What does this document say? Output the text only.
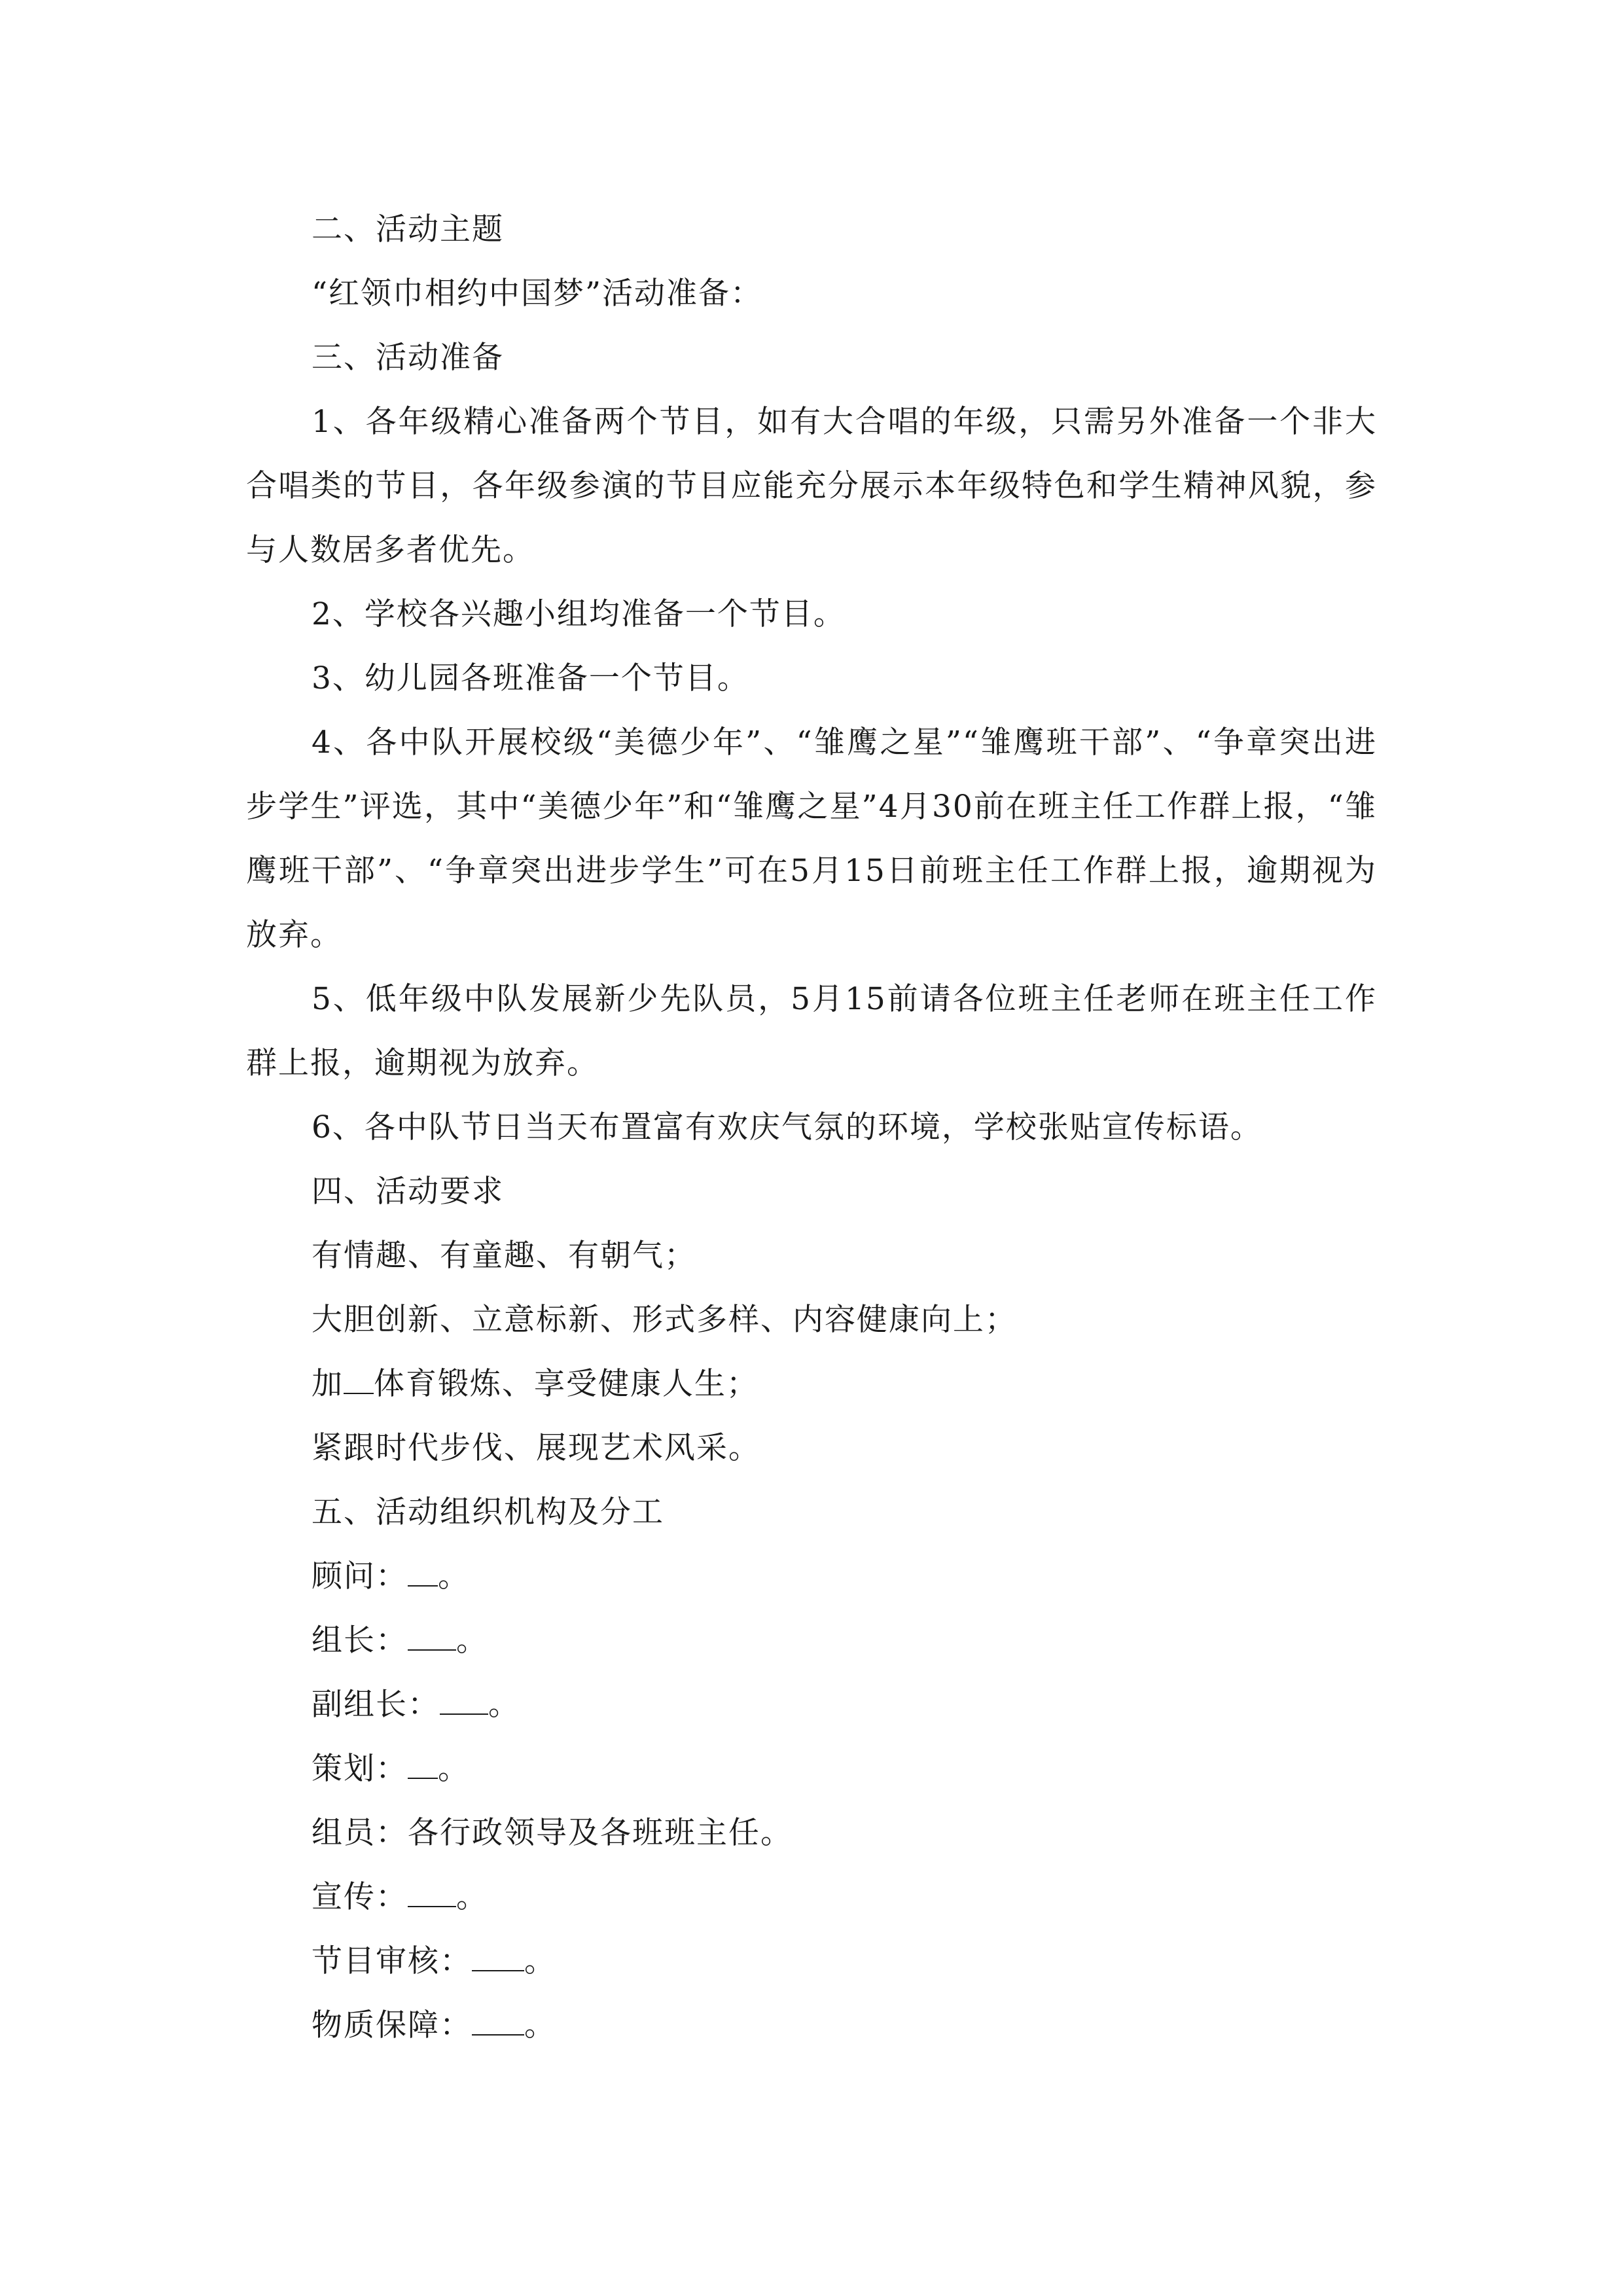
二、活动主题
“红领巾相约中国梦”活动准备：
三、活动准备
1、各年级精心准备两个节目，如有大合唱的年级，只需另外准备一个非大合唱类的节目，各年级参演的节目应能充分展示本年级特色和学生精神风貌，参与人数居多者优先。
2、学校各兴趣小组均准备一个节目。
3、幼儿园各班准备一个节目。
4、各中队开展校级“美德少年”、“雏鹰之星”“雏鹰班干部”、“争章突出进步学生”评选，其中“美德少年”和“雏鹰之星”4月30前在班主任工作群上报，“雏鹰班干部”、“争章突出进步学生”可在5月15日前班主任工作群上报，逾期视为放弃。
5、低年级中队发展新少先队员，5月15前请各位班主任老师在班主任工作群上报，逾期视为放弃。
6、各中队节日当天布置富有欢庆气氛的环境，学校张贴宣传标语。
四、活动要求
有情趣、有童趣、有朝气；
大胆创新、立意标新、形式多样、内容健康向上；
加 体育锻炼、享受健康人生；
紧跟时代步伐、展现艺术风采。
五、活动组织机构及分工
顾问： 。
组长： 。
副组长： 。
策划： 。
组员：各行政领导及各班班主任。
宣传： 。
节目审核： 。
物质保障： 。
